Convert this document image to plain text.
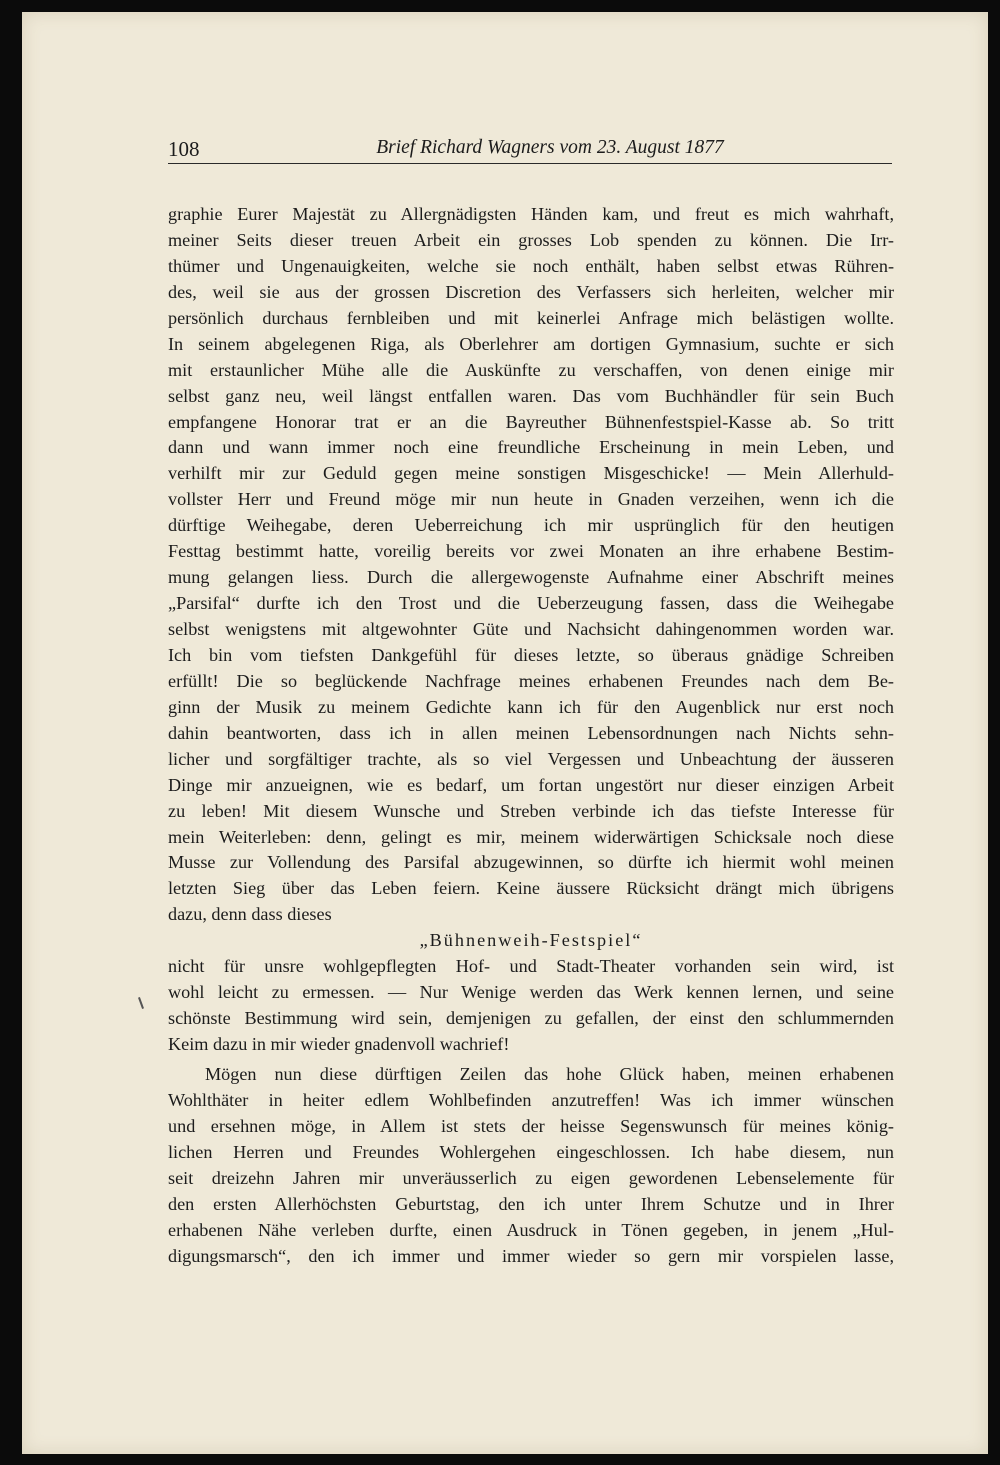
108	Brief Richard Wagners vom 23. August 1877
graphie Eurer Majestät zu Allergnädigsten Händen kam, und freut es mich wahrhaft,
meiner Seits dieser treuen Arbeit ein grosses Lob spenden zu können. Die Irr-
thümer und Ungenauigkeiten, welche sie noch enthält, haben selbst etwas Rühren-
des, weil sie aus der grossen Discretion des Verfassers sich herleiten, welcher mir
persönlich durchaus fernbleiben und mit keinerlei Anfrage mich belästigen wollte.
In seinem abgelegenen Riga, als Oberlehrer am dortigen Gymnasium, suchte er sich
mit erstaunlicher Mühe alle die Auskünfte zu verschaffen, von denen einige mir
selbst ganz neu, weil längst entfallen waren. Das vom Buchhändler für sein Buch
empfangene Honorar trat er an die Bayreuther Bühnenfestspiel-Kasse ab. So tritt
dann und wann immer noch eine freundliche Erscheinung in mein Leben, und
verhilft mir zur Geduld gegen meine sonstigen Misgeschicke! — Mein Allerhuld-
vollster Herr und Freund möge mir nun heute in Gnaden verzeihen, wenn ich die
dürftige Weihegabe, deren Ueberreichung ich mir usprünglich für den heutigen
Festtag bestimmt hatte, voreilig bereits vor zwei Monaten an ihre erhabene Bestim-
mung gelangen liess. Durch die allergewogenste Aufnahme einer Abschrift meines
„Parsifal“ durfte ich den Trost und die Ueberzeugung fassen, dass die Weihegabe
selbst wenigstens mit altgewohnter Güte und Nachsicht dahingenommen worden war.
Ich bin vom tiefsten Dankgefühl für dieses letzte, so überaus gnädige Schreiben
erfüllt! Die so beglückende Nachfrage meines erhabenen Freundes nach dem Be-
ginn der Musik zu meinem Gedichte kann ich für den Augenblick nur erst noch
dahin beantworten, dass ich in allen meinen Lebensordnungen nach Nichts sehn-
licher und sorgfältiger trachte, als so viel Vergessen und Unbeachtung der äusseren
Dinge mir anzueignen, wie es bedarf, um fortan ungestört nur dieser einzigen Arbeit
zu leben! Mit diesem Wunsche und Streben verbinde ich das tiefste Interesse für
mein Weiterleben: denn, gelingt es mir, meinem widerwärtigen Schicksale noch diese
Musse zur Vollendung des Parsifal abzugewinnen, so dürfte ich hiermit wohl meinen
letzten Sieg über das Leben feiern. Keine äussere Rücksicht drängt mich übrigens
dazu, denn dass dieses
„Bühnenweih-Festspiel“
nicht für unsre wohlgepflegten Hof- und Stadt-Theater vorhanden sein wird, ist
wohl leicht zu ermessen. — Nur Wenige werden das Werk kennen lernen, und seine
schönste Bestimmung wird sein, demjenigen zu gefallen, der einst den schlummernden
Keim dazu in mir wieder gnadenvoll wachrief!
Mögen nun diese dürftigen Zeilen das hohe Glück haben, meinen erhabenen
Wohlthäter in heiter edlem Wohlbefinden anzutreffen! Was ich immer wünschen
und ersehnen möge, in Allem ist stets der heisse Segenswunsch für meines könig-
lichen Herren und Freundes Wohlergehen eingeschlossen. Ich habe diesem, nun
seit dreizehn Jahren mir unveräusserlich zu eigen gewordenen Lebenselemente für
den ersten Allerhöchsten Geburtstag, den ich unter Ihrem Schutze und in Ihrer
erhabenen Nähe verleben durfte, einen Ausdruck in Tönen gegeben, in jenem „Hul-
digungsmarsch“, den ich immer und immer wieder so gern mir vorspielen lasse,
